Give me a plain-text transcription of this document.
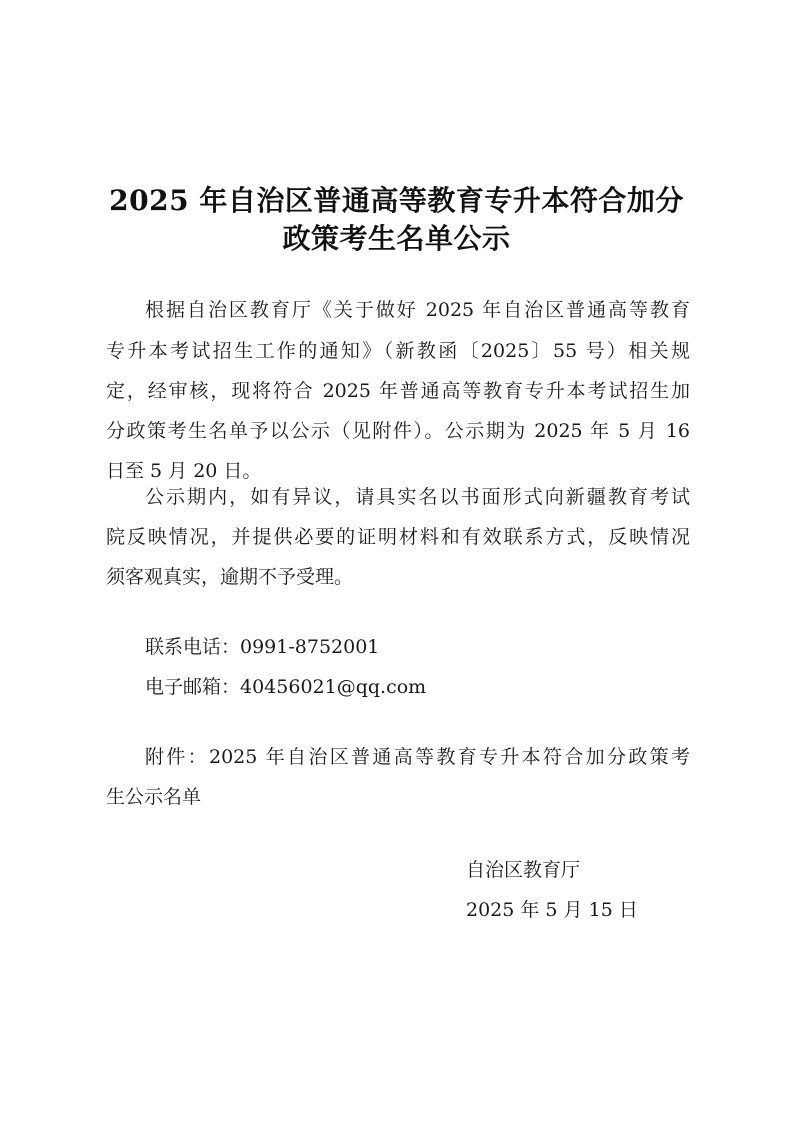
2025 年自治区普通高等教育专升本符合加分
政策考生名单公示
根据自治区教育厅《关于做好 2025 年自治区普通高等教育
专升本考试招生工作的通知》（新教函〔2025〕55 号）相关规
定，经审核，现将符合 2025 年普通高等教育专升本考试招生加
分政策考生名单予以公示（见附件）。公示期为 2025 年 5 月 16
日至 5 月 20 日。
公示期内，如有异议，请具实名以书面形式向新疆教育考试
院反映情况，并提供必要的证明材料和有效联系方式，反映情况
须客观真实，逾期不予受理。
联系电话：0991-8752001
电子邮箱：40456021@qq.com
附件：2025 年自治区普通高等教育专升本符合加分政策考
生公示名单
自治区教育厅
2025 年 5 月 15 日
